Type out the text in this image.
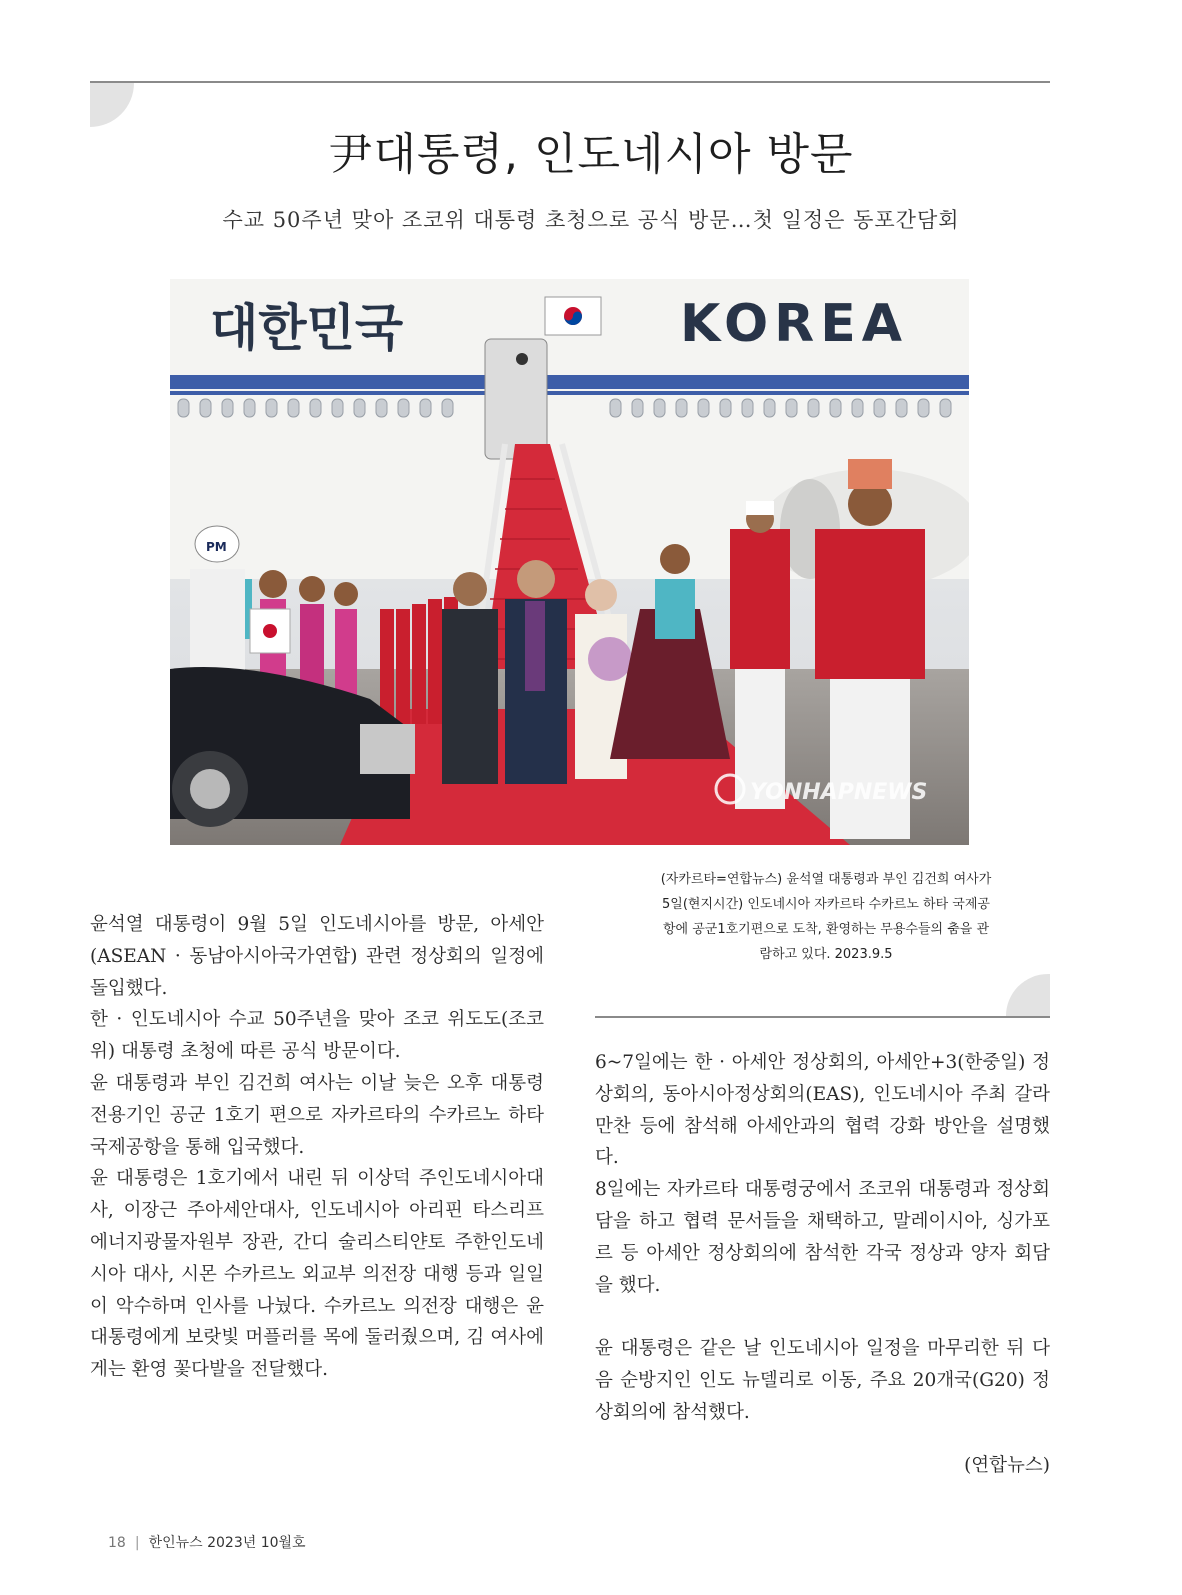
尹대통령, 인도네시아 방문
수교 50주년 맞아 조코위 대통령 초청으로 공식 방문…첫 일정은 동포간담회
대한민국	KOREA
PM
YONHAPNEWS
(자카르타=연합뉴스) 윤석열 대통령과 부인 김건희 여사가
5일(현지시간) 인도네시아 자카르타 수카르노 하타 국제공
항에 공군1호기편으로 도착, 환영하는 무용수들의 춤을 관
람하고 있다. 2023.9.5

윤석열 대통령이 9월 5일 인도네시아를 방문, 아세안(ASEAN · 동남아시아국가연합) 관련 정상회의 일정에 돌입했다.

한 · 인도네시아 수교 50주년을 맞아 조코 위도도(조코위) 대통령 초청에 따른 공식 방문이다.

윤 대통령과 부인 김건희 여사는 이날 늦은 오후 대통령 전용기인 공군 1호기 편으로 자카르타의 수카르노 하타 국제공항을 통해 입국했다.

윤 대통령은 1호기에서 내린 뒤 이상덕 주인도네시아대사, 이장근 주아세안대사, 인도네시아 아리핀 타스리프 에너지광물자원부 장관, 간디 술리스티얀토 주한인도네시아 대사, 시몬 수카르노 외교부 의전장 대행 등과 일일이 악수하며 인사를 나눴다. 수카르노 의전장 대행은 윤 대통령에게 보랏빛 머플러를 목에 둘러줬으며, 김 여사에게는 환영 꽃다발을 전달했다.

6~7일에는 한 · 아세안 정상회의, 아세안+3(한중일) 정상회의, 동아시아정상회의(EAS), 인도네시아 주최 갈라만찬 등에 참석해 아세안과의 협력 강화 방안을 설명했다.

8일에는 자카르타 대통령궁에서 조코위 대통령과 정상회담을 하고 협력 문서들을 채택하고, 말레이시아, 싱가포르 등 아세안 정상회의에 참석한 각국 정상과 양자 회담을 했다.

윤 대통령은 같은 날 인도네시아 일정을 마무리한 뒤 다음 순방지인 인도 뉴델리로 이동, 주요 20개국(G20) 정상회의에 참석했다.

(연합뉴스)
18 | 한인뉴스 2023년 10월호
